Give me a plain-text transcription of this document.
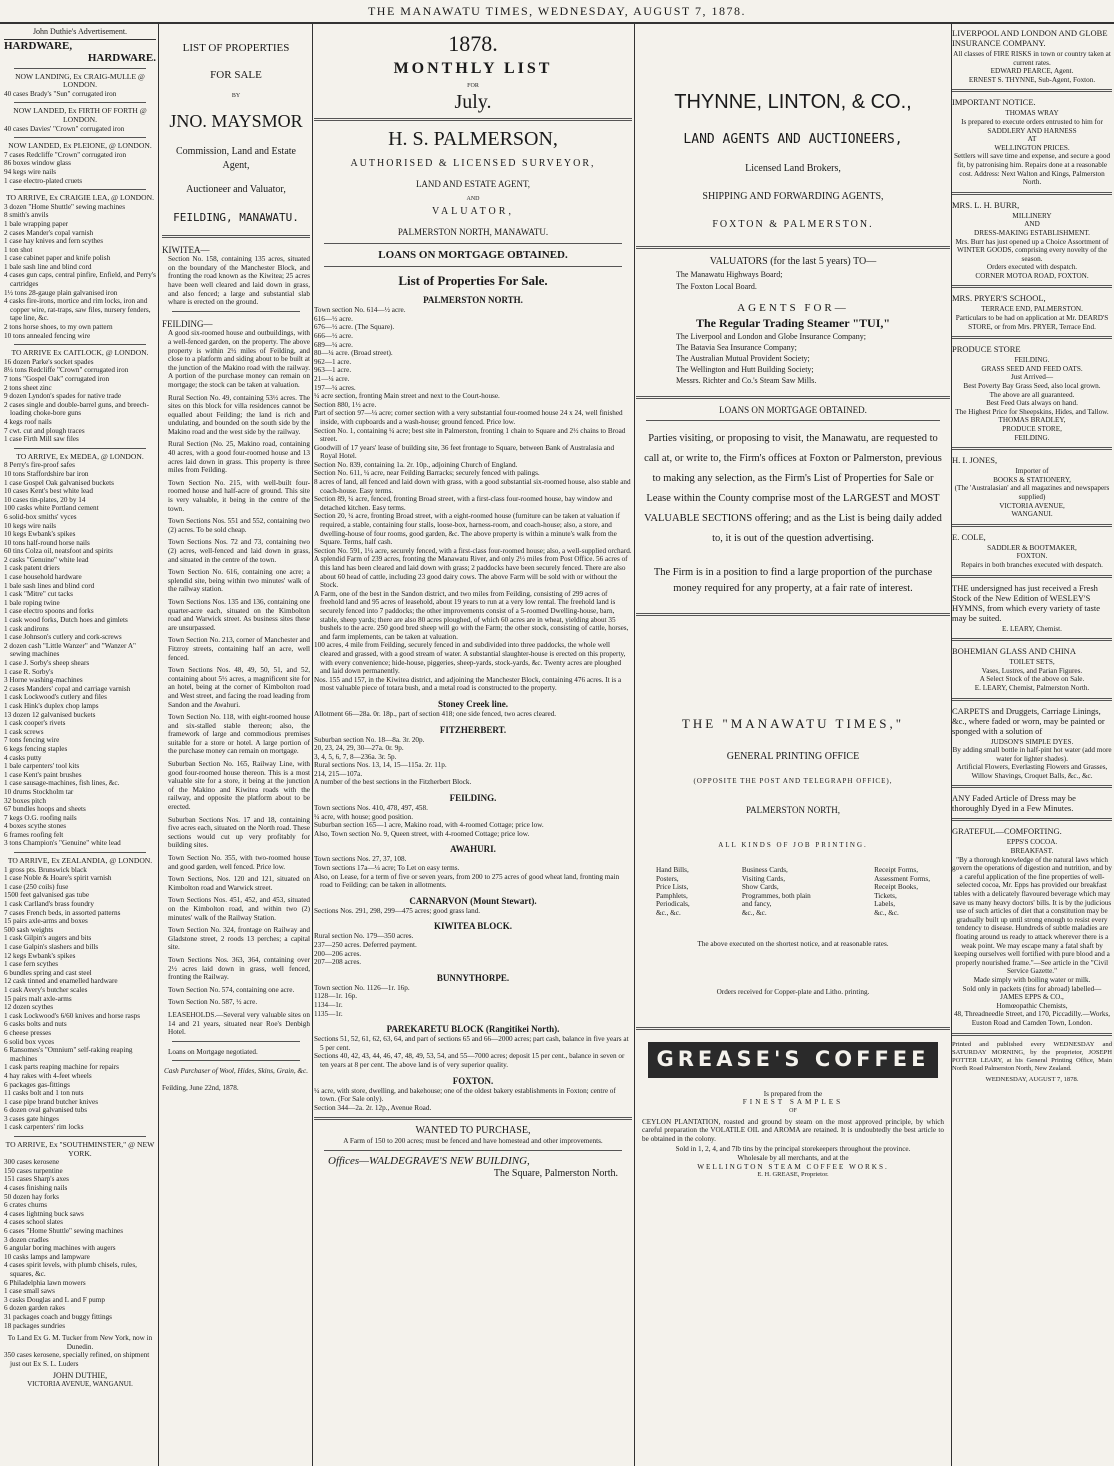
THE MANAWATU TIMES, WEDNESDAY, AUGUST 7, 1878.
John Duthie's Advertisement.
HARDWARE,
HARDWARE.
NOW LANDING, Ex CRAIG-MULLE @ LONDON.
40 cases Brady's "Sun" corrugated iron
NOW LANDED, Ex FIRTH OF FORTH @ LONDON.
40 cases Davies' "Crown" corrugated iron
NOW LANDED, Ex PLEIONE, @ LONDON.
7 cases Redcliffe "Crown" corrugated iron
86 boxes window glass
94 kegs wire nails
1 case electro-plated cruets
TO ARRIVE, Ex CRAIGIE LEA, @ LONDON.
3 dozen "Home Shuttle" sewing machines
8 smith's anvils
1 bale wrapping paper
2 cases Mander's copal varnish
1 case hay knives and fern scythes
1 ton shot
1 case cabinet paper and knife polish
1 bale sash line and blind cord
4 cases gun caps, central pinfire, Enfield, and Perry's cartridges
1½ tons 28-gauge plain galvanised iron
4 casks fire-irons, mortice and rim locks, iron and copper wire, rat-traps, saw files, nursery fenders, tape line, &c.
2 tons horse shoes, to my own pattern
10 tons annealed fencing wire
TO ARRIVE Ex CAITLOCK, @ LONDON.
16 dozen Parke's socket spades
8¼ tons Redcliffe "Crown" corrugated iron
7 tons "Gospel Oak" corrugated iron
2 tons sheet zinc
9 dozen Lyndon's spades for native trade
2 cases single and double-barrel guns, and breech-loading choke-bore guns
4 kegs roof nails
7 cwt. cut and plough traces
1 case Firth Mill saw files
TO ARRIVE, Ex MEDEA, @ LONDON.
8 Perry's fire-proof safes
10 tons Staffordshire bar iron
1 case Gospel Oak galvanised buckets
10 cases Kent's best white lead
10 cases tin-plates, 20 by 14
100 casks white Portland cement
6 solid-box smiths' vyces
10 kegs wire nails
10 kegs Ewbank's spikes
10 tons half-round horse nails
60 tins Colza oil, neatsfoot and spirits
2 casks "Genuine" white lead
1 cask patent driers
1 case household hardware
1 bale sash lines and blind cord
1 cask "Mitre" cut tacks
1 bale roping twine
1 case electro spoons and forks
1 cask wood forks, Dutch hoes and gimlets
1 cask andirons
1 case Johnson's cutlery and cork-screws
2 dozen cash "Little Wanzer" and "Wanzer A" sewing machines
1 case J. Sorby's sheep shears
1 case R. Sorby's
3 Horne washing-machines
2 cases Manders' copal and carriage varnish
1 cask Lockwood's cutlery and files
1 cask Hink's duplex chop lamps
13 dozen 12 galvanised buckets
1 cask cooper's rivets
1 cask screws
7 tons fencing wire
6 kegs fencing staples
4 casks putty
1 bale carpenters' tool kits
1 case Kent's paint brushes
1 case sausage-machines, fish lines, &c.
10 drums Stockholm tar
32 boxes pitch
67 bundles hoops and sheets
7 kegs O.G. roofing nails
4 boxes scythe stones
6 frames roofing felt
3 tons Champion's "Genuine" white lead
TO ARRIVE, Ex ZEALANDIA, @ LONDON.
1 gross pts. Brunswick black
1 case Noble & Hoare's spirit varnish
1 case (250 coils) fuse
1500 feet galvanised gas tube
1 cask Carlland's brass foundry
7 cases French beds, in assorted patterns
15 pairs axle-arms and boxes
500 sash weights
1 cask Gilpin's augers and bits
1 case Galpin's slashers and bills
12 kegs Ewbank's spikes
1 case fern scythes
6 bundles spring and cast steel
12 cask tinned and enamelled hardware
1 cask Avery's butcher scales
15 pairs malt axle-arms
12 dozen scythes
1 cask Lockwood's 6/60 knives and horse rasps
6 casks bolts and nuts
6 cheese presses
6 solid box vyces
6 Ransomes's "Omnium" self-raking reaping machines
1 cask parts reaping machine for repairs
4 hay rakes with 4-feet wheels
6 packages gas-fittings
11 casks bolt and 1 ton nuts
1 case pipe brand butcher knives
6 dozen oval galvanised tubs
3 cases gate hinges
1 cask carpenters' rim locks
TO ARRIVE, Ex "SOUTHMINSTER," @ NEW YORK.
300 cases kerosene
150 cases turpentine
151 cases Sharp's axes
4 cases finishing nails
50 dozen hay forks
6 crates churns
4 cases lightning buck saws
4 cases school slates
6 cases "Home Shuttle" sewing machines
3 dozen cradles
6 angular boring machines with augers
10 casks lamps and lampware
4 cases spirit levels, with plumb chisels, rules, squares, &c.
6 Philadelphia lawn mowers
1 case small saws
3 casks Douglas and L and F pump
6 dozen garden rakes
31 packages coach and buggy fittings
18 packages sundries
To Land Ex G. M. Tucker from New York, now in Dunedin.
350 cases kerosene, specially refined, on shipment just out Ex S. L. Luders
JOHN DUTHIE,
VICTORIA AVENUE, WANGANUI.
LIST OF PROPERTIES
FOR SALE
BY
JNO. MAYSMOR
Commission, Land and Estate Agent,
Auctioneer and Valuator,
FEILDING, MANAWATU.
KIWITEA—
Section No. 158, containing 135 acres, situated on the boundary of the Manchester Block, and fronting the road known as the Kiwitea; 25 acres have been well cleared and laid down in grass, and also fenced; a large and substantial slab whare is erected on the ground.
FEILDING—
A good six-roomed house and outbuildings, with a well-fenced garden, on the property. The above property is within 2½ miles of Feilding, and close to a platform and siding about to be built at the junction of the Makino road with the railway. A portion of the purchase money can remain on mortgage; the stock can be taken at valuation.
Rural Section No. 49, containing 53½ acres. The sites on this block for villa residences cannot be equalled about Feilding; the land is rich and undulating, and bounded on the south side by the Makino road and the west side by the railway.
Rural Section (No. 25, Makino road, containing 40 acres, with a good four-roomed house and 13 acres laid down in grass. This property is three miles from Feilding.
Town Section No. 215, with well-built four-roomed house and half-acre of ground. This site is very valuable, it being in the centre of the town.
Town Sections Nos. 551 and 552, containing two (2) acres. To be sold cheap.
Town Sections Nos. 72 and 73, containing two (2) acres, well-fenced and laid down in grass, and situated in the centre of the town.
Town Section No. 616, containing one acre; a splendid site, being within two minutes' walk of the railway station.
Town Sections Nos. 135 and 136, containing one quarter-acre each, situated on the Kimbolton road and Warwick street. As business sites these are unsurpassed.
Town Section No. 213, corner of Manchester and Fitzroy streets, containing half an acre, well fenced.
Town Sections Nos. 48, 49, 50, 51, and 52, containing about 5½ acres, a magnificent site for an hotel, being at the corner of Kimbolton road and West street, and facing the road leading from Sandon and the Awahuri.
Town Section No. 118, with eight-roomed house and six-stalled stable thereon; also, the framework of large and commodious premises suitable for a store or hotel. A large portion of the purchase money can remain on mortgage.
Suburban Section No. 165, Railway Line, with good four-roomed house thereon. This is a most valuable site for a store, it being at the junction of the Makino and Kiwitea roads with the railway, and opposite the platform about to be erected.
Suburban Sections Nos. 17 and 18, containing five acres each, situated on the North road. These sections would cut up very profitably for building sites.
Town Section No. 355, with two-roomed house and good garden, well fenced. Price low.
Town Sections, Nos. 120 and 121, situated on Kimbolton road and Warwick street.
Town Sections Nos. 451, 452, and 453, situated on the Kimbolton road, and within two (2) minutes' walk of the Railway Station.
Town Section No. 324, frontage on Railway and Gladstone street, 2 roods 13 perches; a capital site.
Town Sections Nos. 363, 364, containing over 2½ acres laid down in grass, well fenced, fronting the Railway.
Town Section No. 574, containing one acre.
Town Section No. 587, ½ acre.
LEASEHOLDS.—Several very valuable sites on 14 and 21 years, situated near Roe's Denbigh Hotel.
Loans on Mortgage negotiated.
Cash Purchaser of Wool, Hides, Skins, Grain, &c.
Feilding, June 22nd, 1878.
1878.
MONTHLY LIST
FOR
July.
H. S. PALMERSON,
AUTHORISED & LICENSED SURVEYOR,
LAND AND ESTATE AGENT,
AND
VALUATOR,
PALMERSTON NORTH, MANAWATU.
LOANS ON MORTGAGE OBTAINED.
List of Properties For Sale.
PALMERSTON NORTH.
Town section No. 614—½ acre.
616—½ acre.
676—½ acre. (The Square).
666—½ acre.
689—¼ acre.
80—¼ acre. (Broad street).
962—1 acre.
963—1 acre.
21—¼ acre.
197—¼ acres.
¼ acre section, fronting Main street and next to the Court-house.
Section 880, 1½ acre.
Part of section 97—¼ acre; corner section with a very substantial four-roomed house 24 x 24, well finished inside, with cupboards and a wash-house; ground fenced. Price low.
Section No. 1, containing ¼ acre; best site in Palmerston, fronting 1 chain to Square and 2½ chains to Broad street.
Goodwill of 17 years' lease of building site, 36 feet frontage to Square, between Bank of Australasia and Royal Hotel.
Section No. 839, containing 1a. 2r. 10p., adjoining Church of England.
Section No. 611, ¼ acre, near Feilding Barracks; securely fenced with palings.
8 acres of land, all fenced and laid down with grass, with a good substantial six-roomed house, also stable and coach-house. Easy terms.
Section 89, ¼ acre, fenced, fronting Broad street, with a first-class four-roomed house, bay window and detached kitchen. Easy terms.
Section 20, ¼ acre, fronting Broad street, with a eight-roomed house (furniture can be taken at valuation if required, a stable, containing four stalls, loose-box, harness-room, and coach-house; also, a store, and dwelling-house of four rooms, good garden, &c. The above property is within a minute's walk from the Square. Terms, half cash.
Section No. 591, 1¼ acre, securely fenced, with a first-class four-roomed house; also, a well-supplied orchard.
A splendid Farm of 239 acres, fronting the Manawatu River, and only 2½ miles from Post Office. 56 acres of this land has been cleared and laid down with grass; 2 paddocks have been securely fenced. There are also about 60 head of cattle, including 23 good dairy cows. The above Farm will be sold with or without the Stock.
A Farm, one of the best in the Sandon district, and two miles from Feilding, consisting of 299 acres of freehold land and 95 acres of leasehold, about 19 years to run at a very low rental. The freehold land is securely fenced into 7 paddocks; the other improvements consist of a 5-roomed Dwelling-house, barn, stable, sheep yards; there are also 80 acres ploughed, of which 60 acres are in wheat, yielding about 35 bushels to the acre. 250 good bred sheep will go with the Farm; the other stock, consisting of cattle, horses, and farm implements, can be taken at valuation.
100 acres, 4 mile from Feilding, securely fenced in and subdivided into three paddocks, the whole well cleared and grassed, with a good stream of water. A substantial slaughter-house is erected on this property, with every convenience; hide-house, piggeries, sheep-yards, stock-yards, &c. Twenty acres are ploughed and laid down permanently.
Nos. 155 and 157, in the Kiwitea district, and adjoining the Manchester Block, containing 476 acres. It is a most valuable piece of totara bush, and a metal road is constructed to the property.
Stoney Creek line.
Allotment 66—28a. 0r. 18p., part of section 418; one side fenced, two acres cleared.
FITZHERBERT.
Suburban section No. 18—8a. 3r. 20p.
20, 23, 24, 29, 30—27a. 0r. 9p.
3, 4, 5, 6, 7, 8—236a. 3r. 5p.
Rural sections Nos. 13, 14, 15—115a. 2r. 11p.
214, 215—107a.
A number of the best sections in the Fitzherbert Block.
FEILDING.
Town sections Nos. 410, 478, 497, 458.
¼ acre, with house; good position.
Suburban section 165—1 acre, Makino road, with 4-roomed Cottage; price low.
Also, Town section No. 9, Queen street, with 4-roomed Cottage; price low.
AWAHURI.
Town sections Nos. 27, 37, 108.
Town sections 17a—¼ acre; To Let on easy terms.
Also, on Lease, for a term of five or seven years, from 200 to 275 acres of good wheat land, fronting main road to Feilding; can be taken in allotments.
CARNARVON (Mount Stewart).
Sections Nos. 291, 298, 299—475 acres; good grass land.
KIWITEA BLOCK.
Rural section No. 179—350 acres.
237—250 acres. Deferred payment.
200—206 acres.
207—208 acres.
BUNNYTHORPE.
Town section No. 1126—1r. 16p.
1128—1r. 16p.
1134—1r.
1135—1r.
PAREKARETU BLOCK (Rangitikei North).
Sections 51, 52, 61, 62, 63, 64, and part of sections 65 and 66—2000 acres; part cash, balance in five years at 5 per cent.
Sections 40, 42, 43, 44, 46, 47, 48, 49, 53, 54, and 55—7000 acres; deposit 15 per cent., balance in seven or ten years at 8 per cent. The above land is of very superior quality.
FOXTON.
¼ acre, with store, dwelling, and bakehouse; one of the oldest bakery establishments in Foxton; centre of town. (For Sale only).
Section 344—2a. 2r. 12p., Avenue Road.
WANTED TO PURCHASE,
A Farm of 150 to 200 acres; must be fenced and have homestead and other improvements.
Offices—WALDEGRAVE'S NEW BUILDING,
The Square, Palmerston North.
THYNNE, LINTON, & CO.,
LAND AGENTS AND AUCTIONEERS,
Licensed Land Brokers,
SHIPPING AND FORWARDING AGENTS,
FOXTON & PALMERSTON.
VALUATORS (for the last 5 years) TO—
The Manawatu Highways Board;
The Foxton Local Board.
AGENTS FOR—
The Regular Trading Steamer "TUI,"
The Liverpool and London and Globe Insurance Company;
The Batavia Sea Insurance Company;
The Australian Mutual Provident Society;
The Wellington and Hutt Building Society;
Messrs. Richter and Co.'s Steam Saw Mills.
LOANS ON MORTGAGE OBTAINED.
Parties visiting, or proposing to visit, the Manawatu, are requested to call at, or write to, the Firm's offices at Foxton or Palmerston, previous to making any selection, as the Firm's List of Properties for Sale or Lease within the County comprise most of the LARGEST and MOST VALUABLE SECTIONS offering; and as the List is being daily added to, it is out of the question advertising.
The Firm is in a position to find a large proportion of the purchase money required for any property, at a fair rate of interest.
THE "MANAWATU TIMES,"
GENERAL PRINTING OFFICE
(OPPOSITE THE POST AND TELEGRAPH OFFICE),
PALMERSTON NORTH,
ALL KINDS OF JOB PRINTING.
Hand Bills,
Posters,
Price Lists,
Pamphlets,
Periodicals,
&c., &c.
Business Cards,
Visiting Cards,
Show Cards,
Programmes, both plain and fancy,
&c., &c.
Receipt Forms,
Assessment Forms,
Receipt Books,
Tickets,
Labels,
&c., &c.
The above executed on the shortest notice, and at reasonable rates.
Orders received for Copper-plate and Litho. printing.
GREASE'S COFFEE
Is prepared from the
FINEST SAMPLES
OF
CEYLON PLANTATION, roasted and ground by steam on the most approved principle, by which careful preparation the VOLATILE OIL and AROMA are retained. It is undoubtedly the best article to be obtained in the colony.
Sold in 1, 2, 4, and 7lb tins by the principal storekeepers throughout the province.
Wholesale by all merchants, and at the
WELLINGTON STEAM COFFEE WORKS.
E. H. GREASE, Proprietor.
LIVERPOOL AND LONDON AND GLOBE INSURANCE COMPANY.
All classes of FIRE RISKS in town or country taken at current rates.
EDWARD PEARCE, Agent.
ERNEST S. THYNNE, Sub-Agent, Foxton.
IMPORTANT NOTICE.
THOMAS WRAY
Is prepared to execute orders entrusted to him for
SADDLERY AND HARNESS
AT
WELLINGTON PRICES.
Settlers will save time and expense, and secure a good fit, by patronising him. Repairs done at a reasonable cost. Address: Next Walton and Kings, Palmerston North.
MRS. L. H. BURR,
MILLINERY
AND
DRESS-MAKING ESTABLISHMENT.
Mrs. Burr has just opened up a Choice Assortment of WINTER GOODS, comprising every novelty of the season.
Orders executed with despatch.
CORNER MOTOA ROAD, FOXTON.
MRS. PRYER'S SCHOOL,
TERRACE END, PALMERSTON.
Particulars to be had on application at Mr. DEARD'S STORE, or from Mrs. PRYER, Terrace End.
PRODUCE STORE
FEILDING.
GRASS SEED AND FEED OATS.
Just Arrived—
Best Poverty Bay Grass Seed, also local grown.
The above are all guaranteed.
Best Feed Oats always on hand.
The Highest Price for Sheepskins, Hides, and Tallow.
THOMAS BRADLEY,
PRODUCE STORE,
FEILDING.
H. I. JONES,
Importer of
BOOKS & STATIONERY,
(The 'Australasian' and all magazines and newspapers supplied)
VICTORIA AVENUE,
WANGANUI.
E. COLE,
SADDLER & BOOTMAKER,
FOXTON.
Repairs in both branches executed with despatch.
THE undersigned has just received a Fresh Stock of the New Edition of WESLEY'S HYMNS, from which every variety of taste may be suited.
E. LEARY, Chemist.
BOHEMIAN GLASS AND CHINA
TOILET SETS,
Vases, Lustres, and Parian Figures.
A Select Stock of the above on Sale.
E. LEARY, Chemist, Palmerston North.
CARPETS and Druggets, Carriage Linings, &c., where faded or worn, may be painted or sponged with a solution of
JUDSON'S SIMPLE DYES.
By adding small bottle in half-pint hot water (add more water for lighter shades).
Artificial Flowers, Everlasting Flowers and Grasses, Willow Shavings, Croquet Balls, &c., &c.
ANY Faded Article of Dress may be thoroughly Dyed in a Few Minutes.
GRATEFUL—COMFORTING.
EPPS'S COCOA.
BREAKFAST.
"By a thorough knowledge of the natural laws which govern the operations of digestion and nutrition, and by a careful application of the fine properties of well-selected cocoa, Mr. Epps has provided our breakfast tables with a delicately flavoured beverage which may save us many heavy doctors' bills. It is by the judicious use of such articles of diet that a constitution may be gradually built up until strong enough to resist every tendency to disease. Hundreds of subtle maladies are floating around us ready to attack wherever there is a weak point. We may escape many a fatal shaft by keeping ourselves well fortified with pure blood and a properly nourished frame."—See article in the "Civil Service Gazette."
Made simply with boiling water or milk.
Sold only in packets (tins for abroad) labelled—
JAMES EPPS & CO.,
Homœopathic Chemists,
48, Threadneedle Street, and 170, Piccadilly.—Works, Euston Road and Camden Town, London.
Printed and published every WEDNESDAY and SATURDAY MORNING, by the proprietor, JOSEPH POTTER LEARY, at his General Printing Office, Main North Road Palmerston North, New Zealand.
WEDNESDAY, AUGUST 7, 1878.
